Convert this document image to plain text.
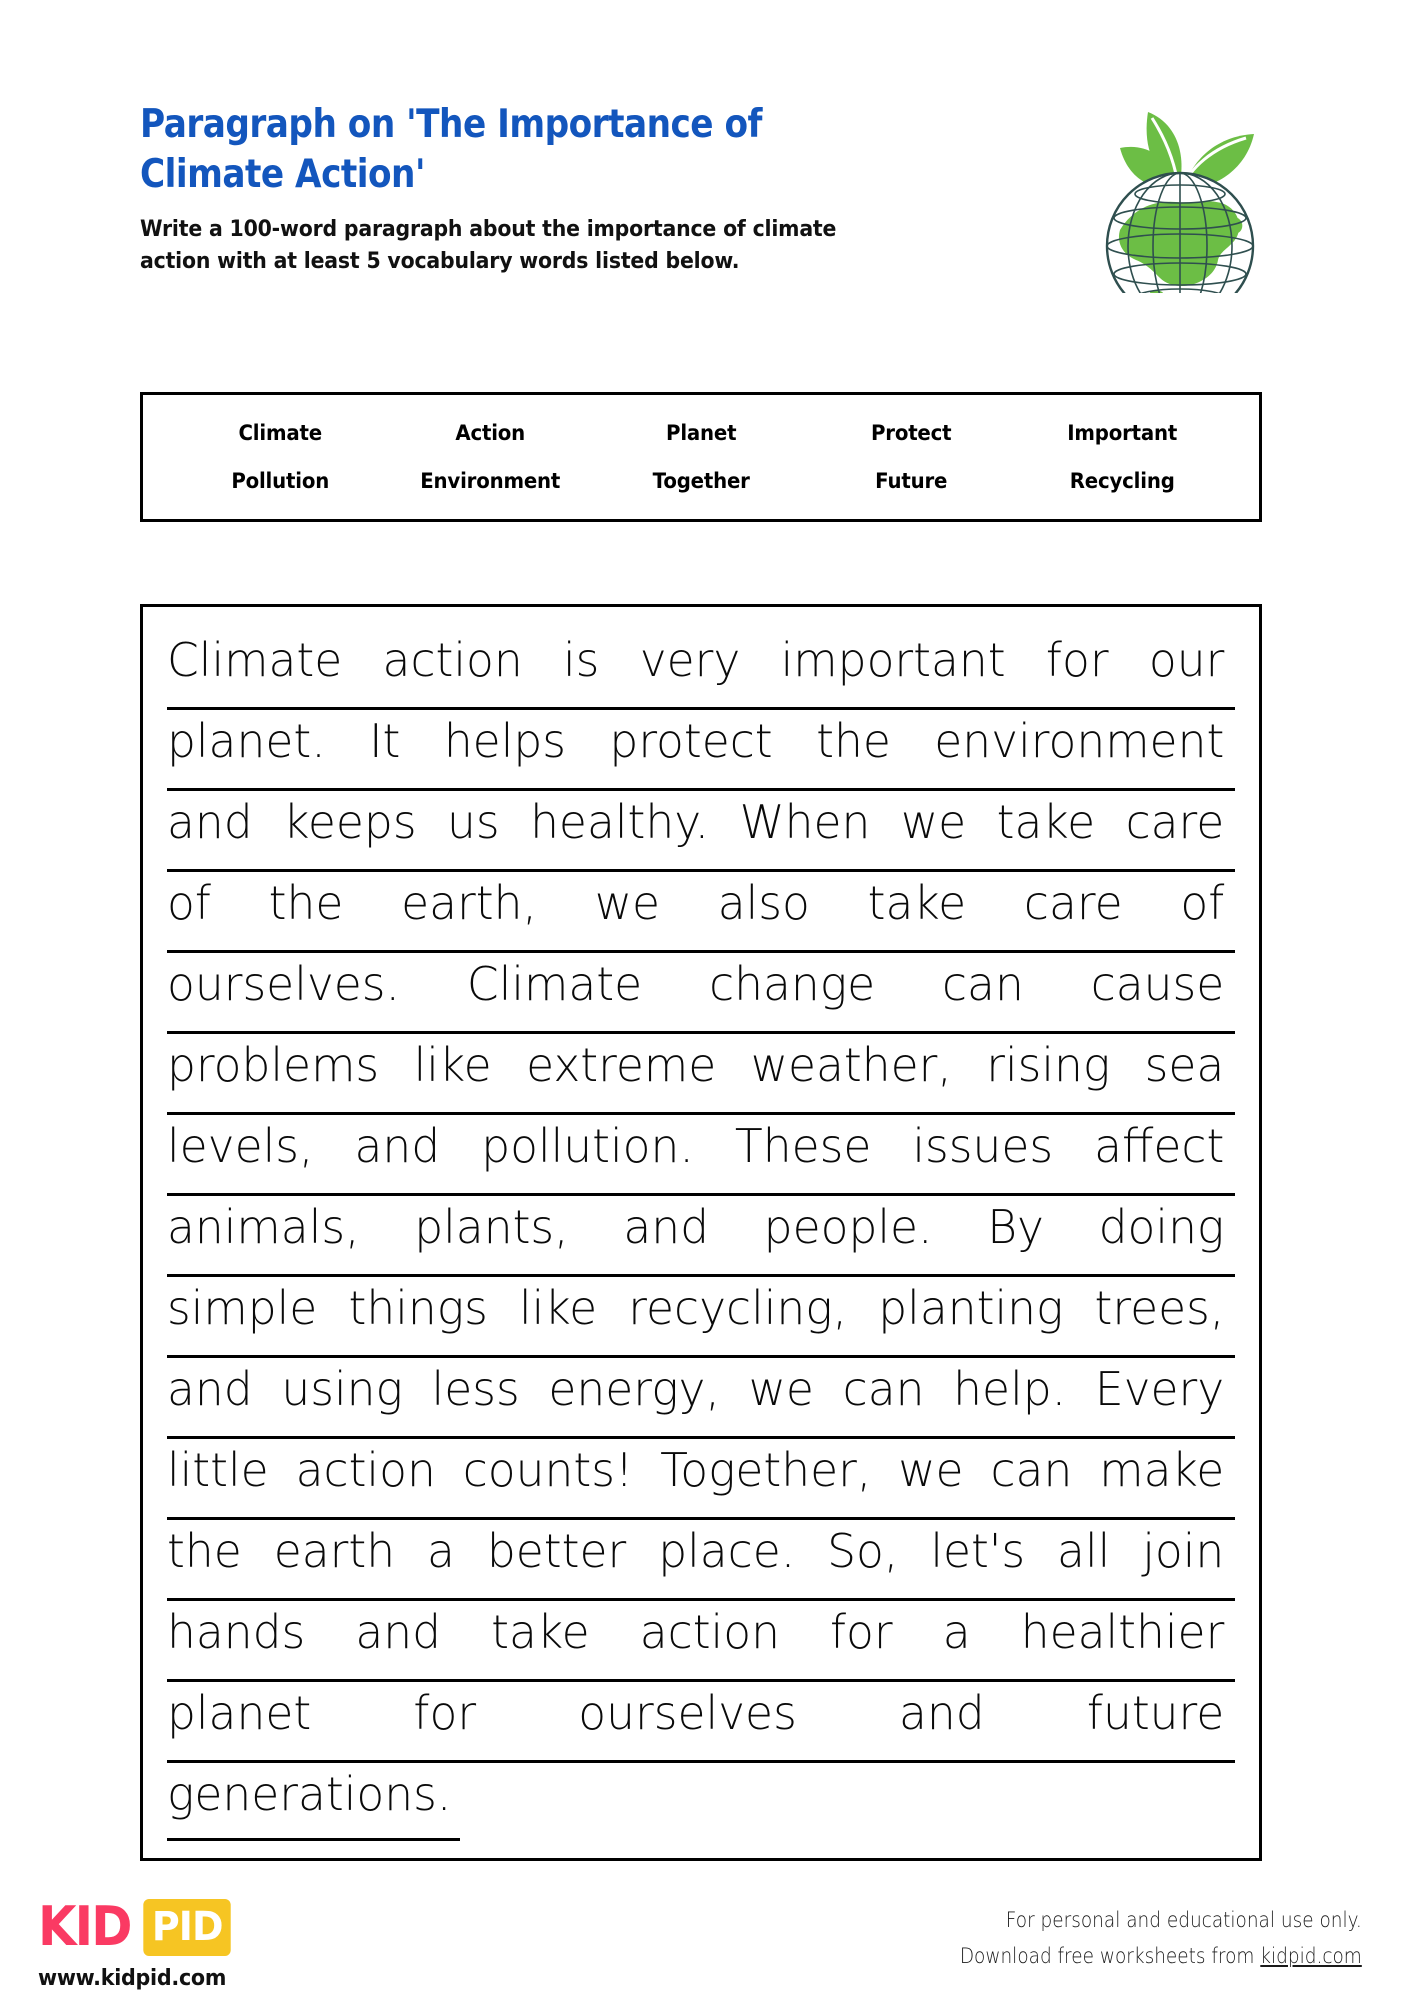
Paragraph on 'The Importance of Climate Action'

Write a 100-word paragraph about the importance of climate action with at least 5 vocabulary words listed below.

Climate	Action	Planet	Protect	Important
Pollution	Environment	Together	Future	Recycling
Climate action is very important for our
planet. It helps protect the environment
and keeps us healthy. When we take care
of the earth, we also take care of
ourselves. Climate change can cause
problems like extreme weather, rising sea
levels, and pollution. These issues affect
animals, plants, and people. By doing
simple things like recycling, planting trees,
and using less energy, we can help. Every
little action counts! Together, we can make
the earth a better place. So, let's all join
hands and take action for a healthier
planet for ourselves and future
generations.
KID PID
www.kidpid.com
For personal and educational use only.
Download free worksheets from kidpid.com
